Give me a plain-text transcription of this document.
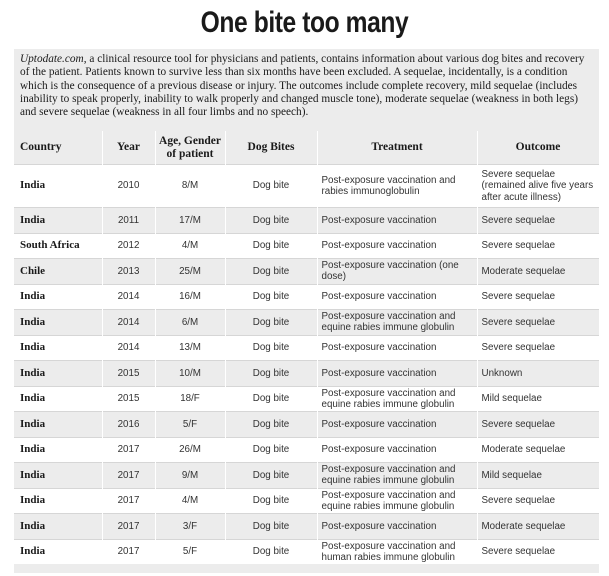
One bite too many

Uptodate.com, a clinical resource tool for physicians and patients, contains information about various dog bites and recovery of the patient. Patients known to survive less than six months have been excluded. A sequelae, incidentally, is a condition which is the consequence of a previous disease or injury. The outcomes include complete recovery, mild sequelae (includes inability to speak properly, inability to walk properly and changed muscle tone), moderate sequelae (weakness in both legs) and severe sequelae (weakness in all four limbs and no speech).

Country	Year	Age, Gender of patient	Dog Bites	Treatment	Outcome
India	2010	8/M	Dog bite	Post-exposure vaccination and rabies immunoglobulin	Severe sequelae (remained alive five years after acute illness)
India	2011	17/M	Dog bite	Post-exposure vaccination	Severe sequelae
South Africa	2012	4/M	Dog bite	Post-exposure vaccination	Severe sequelae
Chile	2013	25/M	Dog bite	Post-exposure vaccination (one dose)	Moderate sequelae
India	2014	16/M	Dog bite	Post-exposure vaccination	Severe sequelae
India	2014	6/M	Dog bite	Post-exposure vaccination and equine rabies immune globulin	Severe sequelae
India	2014	13/M	Dog bite	Post-exposure vaccination	Severe sequelae
India	2015	10/M	Dog bite	Post-exposure vaccination	Unknown
India	2015	18/F	Dog bite	Post-exposure vaccination and equine rabies immune globulin	Mild sequelae
India	2016	5/F	Dog bite	Post-exposure vaccination	Severe sequelae
India	2017	26/M	Dog bite	Post-exposure vaccination	Moderate sequelae
India	2017	9/M	Dog bite	Post-exposure vaccination and equine rabies immune globulin	Mild sequelae
India	2017	4/M	Dog bite	Post-exposure vaccination and equine rabies immune globulin	Severe sequelae
India	2017	3/F	Dog bite	Post-exposure vaccination	Moderate sequelae
India	2017	5/F	Dog bite	Post-exposure vaccination and human rabies immune globulin	Severe sequelae
